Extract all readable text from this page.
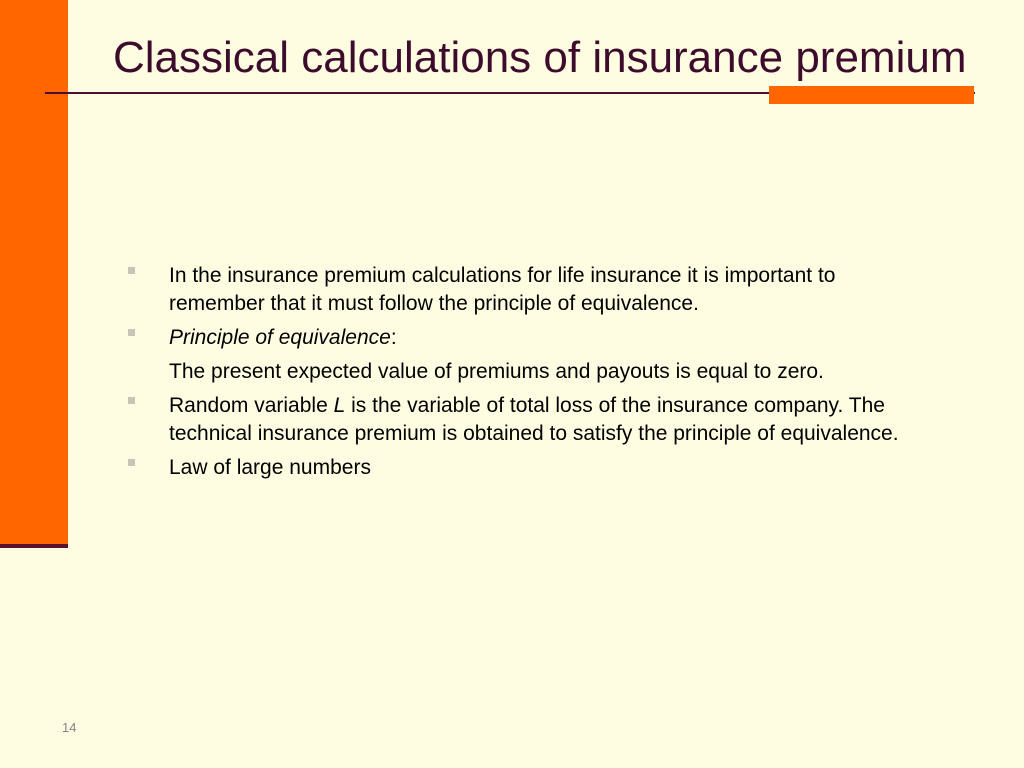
Classical calculations of insurance premium
In the insurance premium calculations for life insurance it is important to remember that it must follow the principle of equivalence.
Principle of equivalence:
The present expected value of premiums and payouts is equal to zero.
Random variable L is the variable of total loss of the insurance company. The technical insurance premium is obtained to satisfy the principle of equivalence.
Law of large numbers
14
